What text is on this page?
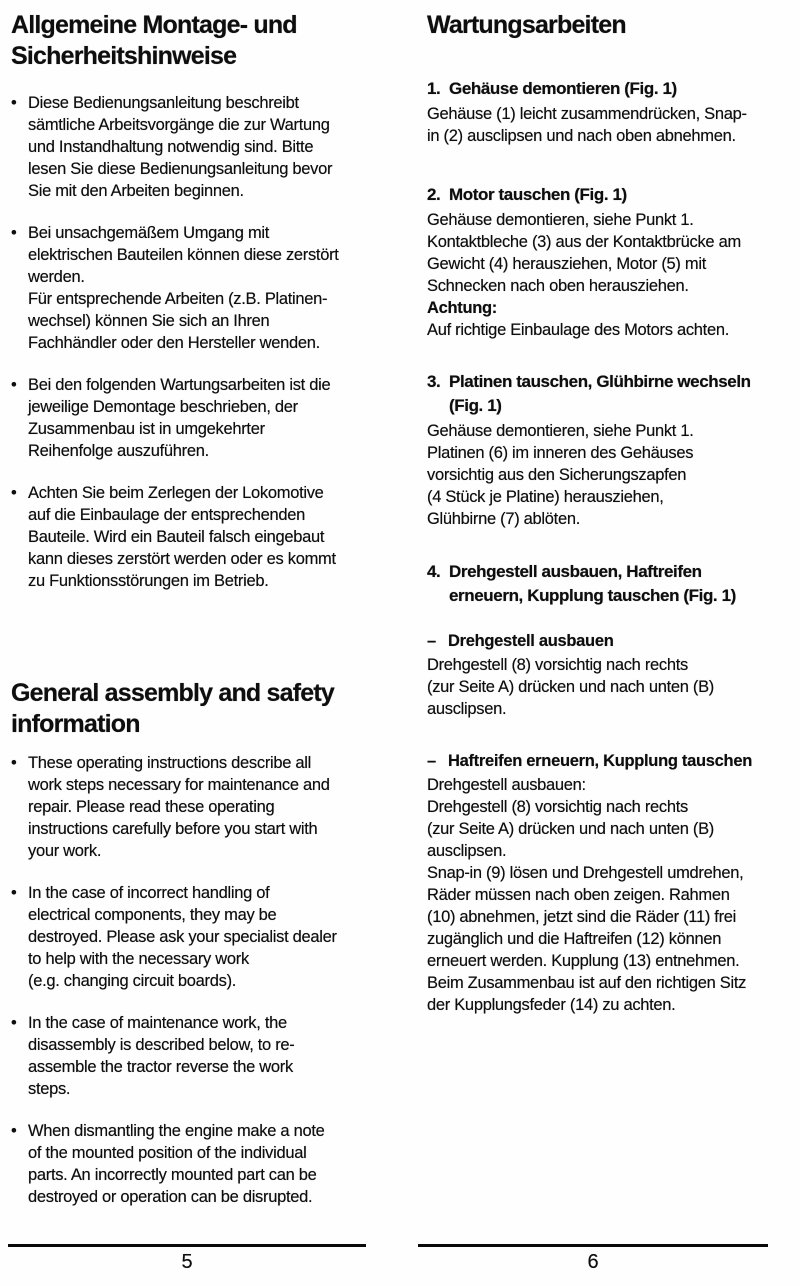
Allgemeine Montage- und
Sicherheitshinweise
• Diese Bedienungsanleitung beschreibt
sämtliche Arbeitsvorgänge die zur Wartung
und Instandhaltung notwendig sind. Bitte
lesen Sie diese Bedienungsanleitung bevor
Sie mit den Arbeiten beginnen.
• Bei unsachgemäßem Umgang mit
elektrischen Bauteilen können diese zerstört
werden.
Für entsprechende Arbeiten (z.B. Platinen-
wechsel) können Sie sich an Ihren
Fachhändler oder den Hersteller wenden.
• Bei den folgenden Wartungsarbeiten ist die
jeweilige Demontage beschrieben, der
Zusammenbau ist in umgekehrter
Reihenfolge auszuführen.
• Achten Sie beim Zerlegen der Lokomotive
auf die Einbaulage der entsprechenden
Bauteile. Wird ein Bauteil falsch eingebaut
kann dieses zerstört werden oder es kommt
zu Funktionsstörungen im Betrieb.
General assembly and safety
information
• These operating instructions describe all
work steps necessary for maintenance and
repair. Please read these operating
instructions carefully before you start with
your work.
• In the case of incorrect handling of
electrical components, they may be
destroyed. Please ask your specialist dealer
to help with the necessary work
(e.g. changing circuit boards).
• In the case of maintenance work, the
disassembly is described below, to re-
assemble the tractor reverse the work
steps.
• When dismantling the engine make a note
of the mounted position of the individual
parts. An incorrectly mounted part can be
destroyed or operation can be disrupted.
Wartungsarbeiten
1. Gehäuse demontieren (Fig. 1)

Gehäuse (1) leicht zusammendrücken, Snap-
in (2) ausclipsen und nach oben abnehmen.

2. Motor tauschen (Fig. 1)

Gehäuse demontieren, siehe Punkt 1.
Kontaktbleche (3) aus der Kontaktbrücke am
Gewicht (4) herausziehen, Motor (5) mit
Schnecken nach oben herausziehen.

Achtung:

Auf richtige Einbaulage des Motors achten.

3. Platinen tauschen, Glühbirne wechseln
(Fig. 1)

Gehäuse demontieren, siehe Punkt 1.
Platinen (6) im inneren des Gehäuses
vorsichtig aus den Sicherungszapfen
(4 Stück je Platine) herausziehen,
Glühbirne (7) ablöten.

4. Drehgestell ausbauen, Haftreifen
erneuern, Kupplung tauschen (Fig. 1)

– Drehgestell ausbauen

Drehgestell (8) vorsichtig nach rechts
(zur Seite A) drücken und nach unten (B)
ausclipsen.

– Haftreifen erneuern, Kupplung tauschen

Drehgestell ausbauen:
Drehgestell (8) vorsichtig nach rechts
(zur Seite A) drücken und nach unten (B)
ausclipsen.
Snap-in (9) lösen und Drehgestell umdrehen,
Räder müssen nach oben zeigen. Rahmen
(10) abnehmen, jetzt sind die Räder (11) frei
zugänglich und die Haftreifen (12) können
erneuert werden. Kupplung (13) entnehmen.
Beim Zusammenbau ist auf den richtigen Sitz
der Kupplungsfeder (14) zu achten.

5	6
